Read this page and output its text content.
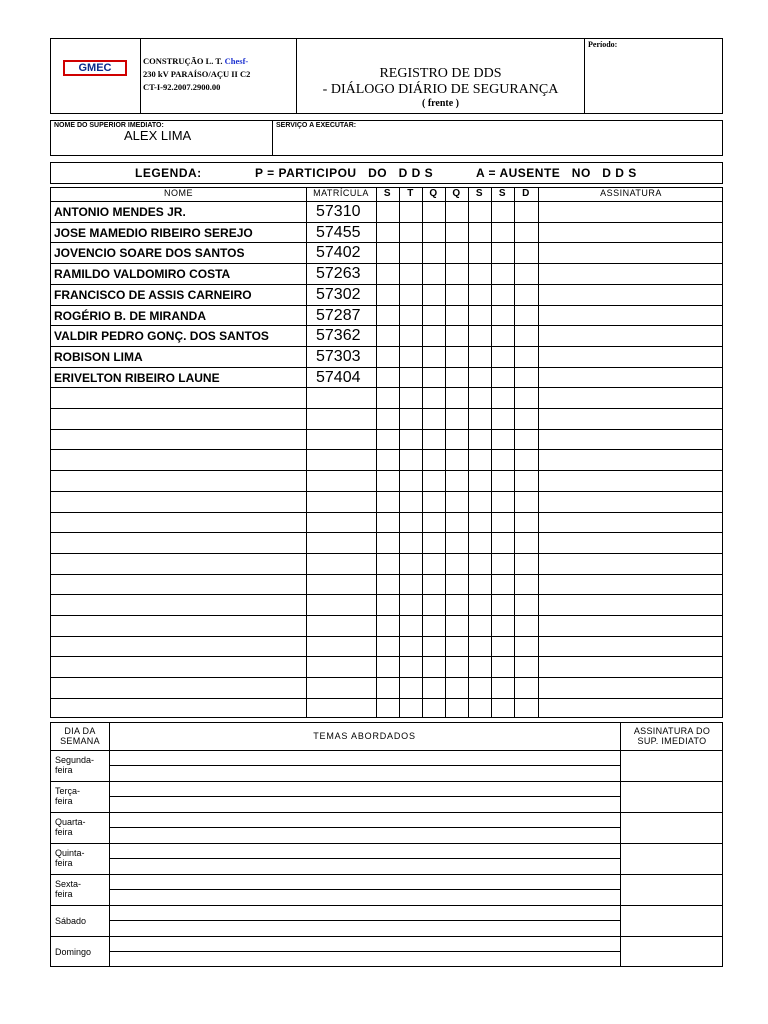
GMEC
CONSTRUÇÃO L. T. Chesf-
230 kV PARAÍSO/AÇU II C2
CT-I-92.2007.2900.00
REGISTRO DE DDS
- DIÁLOGO DIÁRIO DE SEGURANÇA
( frente )
Período:
NOME DO SUPERIOR IMEDIATO:
ALEX LIMA
SERVIÇO A EXECUTAR:
LEGENDA:	P = PARTICIPOU   DO   D D S	A = AUSENTE   NO   D D S
NOME	MATRÍCULA	S	T	Q	Q	S	S	D	ASSINATURA
ANTONIO MENDES JR.	57310
JOSE MAMEDIO RIBEIRO SEREJO	57455
JOVENCIO SOARE DOS SANTOS	57402
RAMILDO VALDOMIRO COSTA	57263
FRANCISCO DE ASSIS CARNEIRO	57302
ROGÉRIO B. DE MIRANDA	57287
VALDIR PEDRO GONÇ. DOS SANTOS	57362
ROBISON LIMA	57303
ERIVELTON RIBEIRO LAUNE	57404
DIA DA
SEMANA	TEMAS ABORDADOS	ASSINATURA DO
SUP. IMEDIATO
Segunda-
feira
Terça-
feira
Quarta-
feira
Quinta-
feira
Sexta-
feira
Sábado
Domingo
